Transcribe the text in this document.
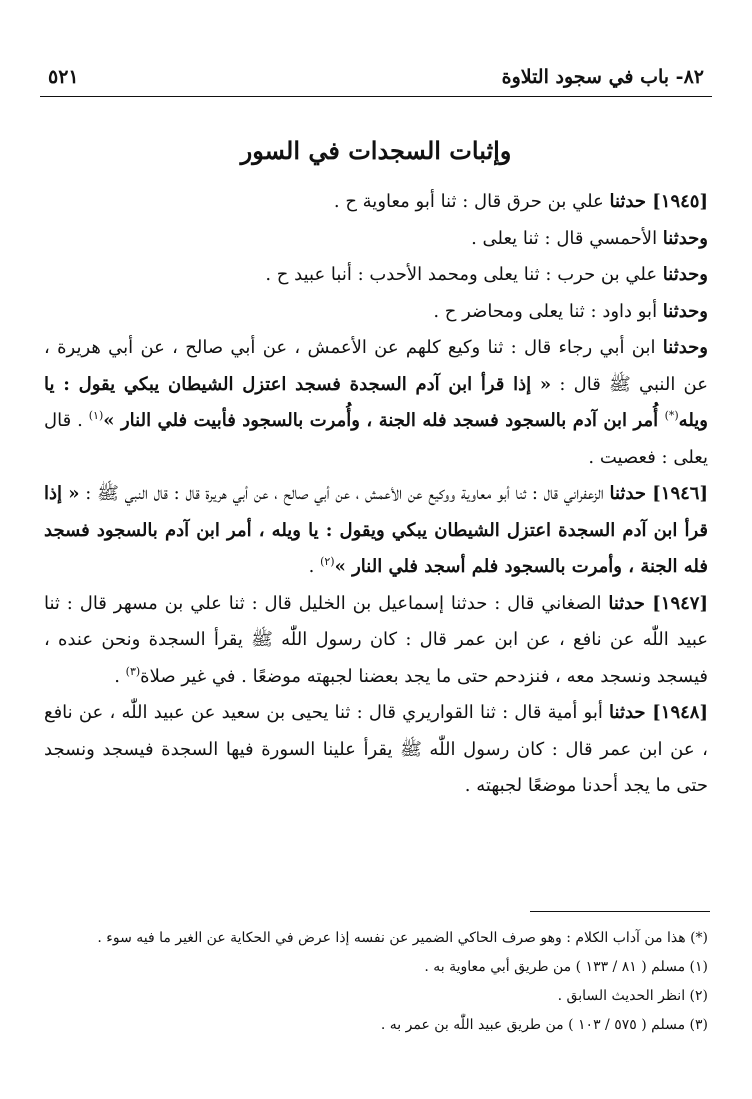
٨٢- باب في سجود التلاوة
٥٢١
وإثبات السجدات في السور

[١٩٤٥] حدثنا علي بن حرق قال : ثنا أبو معاوية ح .

وحدثنا الأحمسي قال : ثنا يعلى .

وحدثنا علي بن حرب : ثنا يعلى ومحمد الأحدب : أنبا عبيد ح .

وحدثنا أبو داود : ثنا يعلى ومحاضر ح .

وحدثنا ابن أبي رجاء قال : ثنا وكيع كلهم عن الأعمش ، عن أبي صالح ، عن أبي هريرة ، عن النبي ﷺ قال : « إذا قرأ ابن آدم السجدة فسجد اعتزل الشيطان يبكي يقول : يا ويله(*) أُمر ابن آدم بالسجود فسجد فله الجنة ، وأُمرت بالسجود فأبيت فلي النار »$^{(١)}$ . قال يعلى : فعصيت .

[١٩٤٦] حدثنا الزعفراني قال : ثنا أبو معاوية ووكيع عن الأعمش ، عن أبي صالح ، عن أبي هريرة قال : قال النبي ﷺ : « إذا قرأ ابن آدم السجدة اعتزل الشيطان يبكي ويقول : يا ويله ، أمر ابن آدم بالسجود فسجد فله الجنة ، وأمرت بالسجود فلم أسجد فلي النار »$^{(٢)}$ .

[١٩٤٧] حدثنا الصغاني قال : حدثنا إسماعيل بن الخليل قال : ثنا علي بن مسهر قال : ثنا عبيد اللّٰه عن نافع ، عن ابن عمر قال : كان رسول اللّٰه ﷺ يقرأ السجدة ونحن عنده ، فيسجد ونسجد معه ، فنزدحم حتى ما يجد بعضنا لجبهته موضعًا . في غير صلاة$^{(٣)}$ .

[١٩٤٨] حدثنا أبو أمية قال : ثنا القواريري قال : ثنا يحيى بن سعيد عن عبيد اللّٰه ، عن نافع ، عن ابن عمر قال : كان رسول اللّٰه ﷺ يقرأ علينا السورة فيها السجدة فيسجد ونسجد حتى ما يجد أحدنا موضعًا لجبهته .

(*) هذا من آداب الكلام : وهو صرف الحاكي الضمير عن نفسه إذا عرض في الحكاية عن الغير ما فيه سوء .

(١) مسلم ( ٨١ / ١٣٣ ) من طريق أبي معاوية به .

(٢) انظر الحديث السابق .

(٣) مسلم ( ٥٧٥ / ١٠٣ ) من طريق عبيد اللّٰه بن عمر به .
